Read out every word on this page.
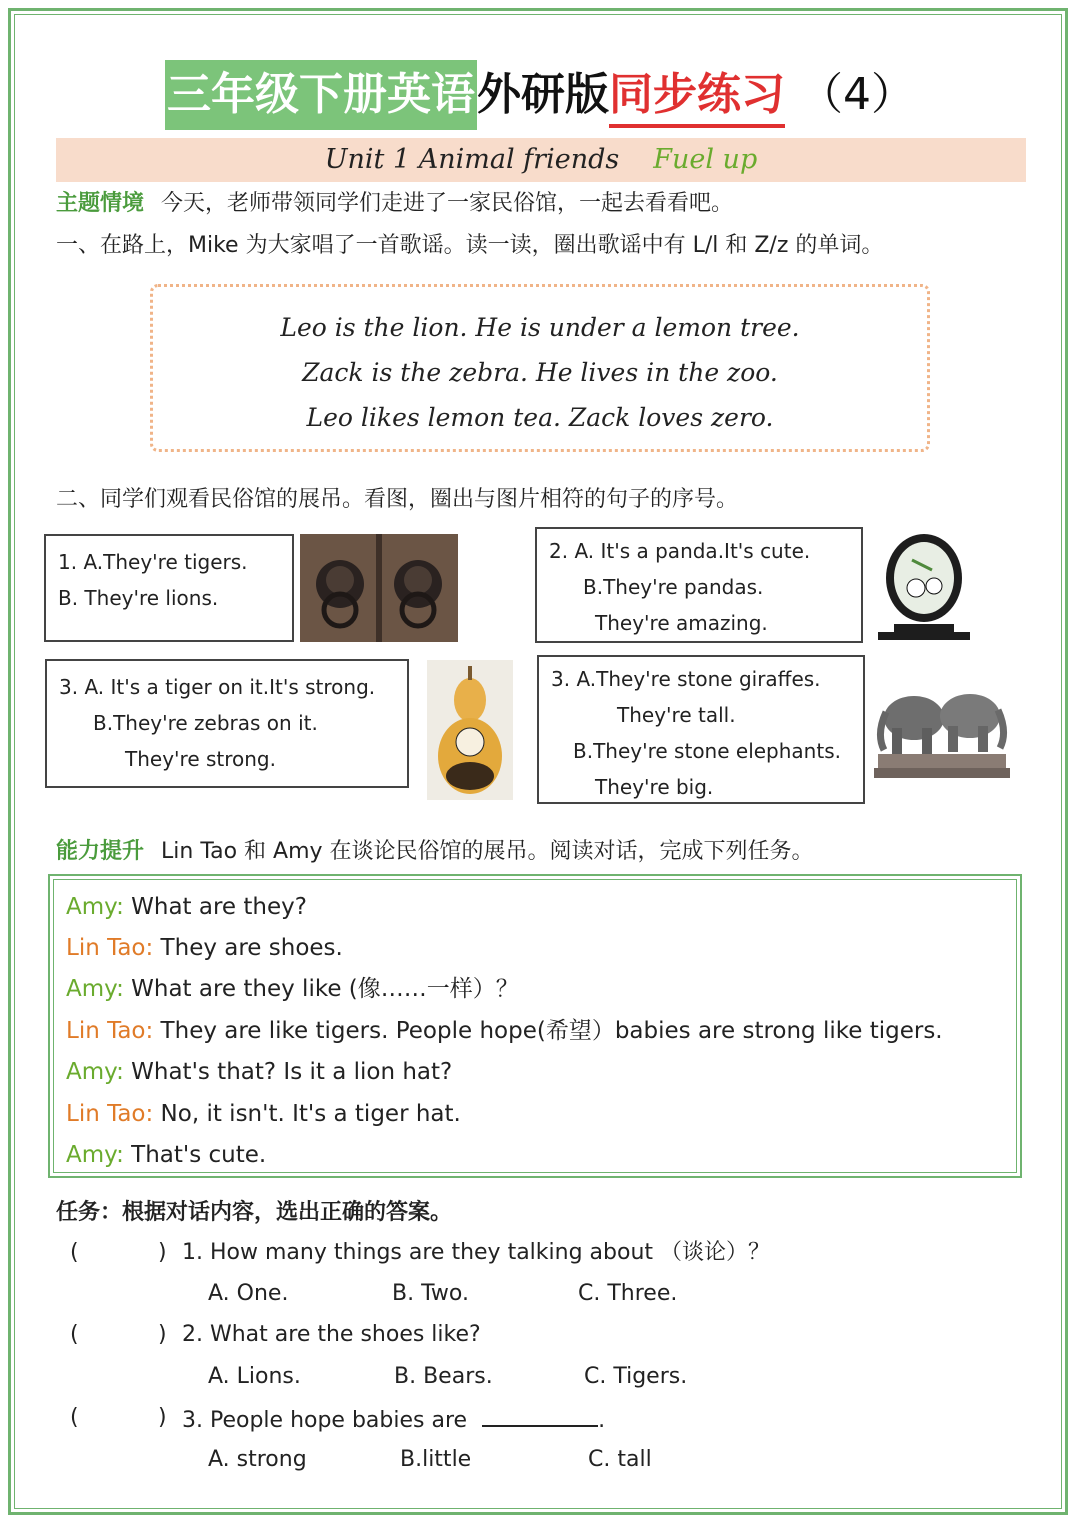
三年级下册英语外研版同步练习 （4）
Unit 1 Animal friends Fuel up
主题情境 今天，老师带领同学们走进了一家民俗馆，一起去看看吧。
一、在路上，Mike 为大家唱了一首歌谣。读一读，圈出歌谣中有 L/l 和 Z/z 的单词。
Leo is the lion. He is under a lemon tree.
Zack is the zebra. He lives in the zoo.
Leo likes lemon tea. Zack loves zero.
二、同学们观看民俗馆的展吊。看图，圈出与图片相符的句子的序号。
1. A.They're tigers.
B. They're lions.
2. A. It's a panda.It's cute.
B.They're pandas.
They're amazing.
3. A. It's a tiger on it.It's strong.
B.They're zebras on it.
They're strong.
3. A.They're stone giraffes.
They're tall.
B.They're stone elephants.
They're big.
能力提升 Lin Tao 和 Amy 在谈论民俗馆的展吊。阅读对话，完成下列任务。
Amy: What are they?
Lin Tao: They are shoes.
Amy: What are they like (像……一样）？
Lin Tao: They are like tigers. People hope(希望）babies are strong like tigers.
Amy: What's that? Is it a lion hat?
Lin Tao: No, it isn't. It's a tiger hat.
Amy: That's cute.
任务：根据对话内容，选出正确的答案。
(	) 1. How many things are they talking about （谈论）？
A. One.	B. Two.	C. Three.
(	) 2. What are the shoes like?
A. Lions.	B. Bears.	C. Tigers.
(	) 3. People hope babies are	.
A. strong	B.little	C. tall
